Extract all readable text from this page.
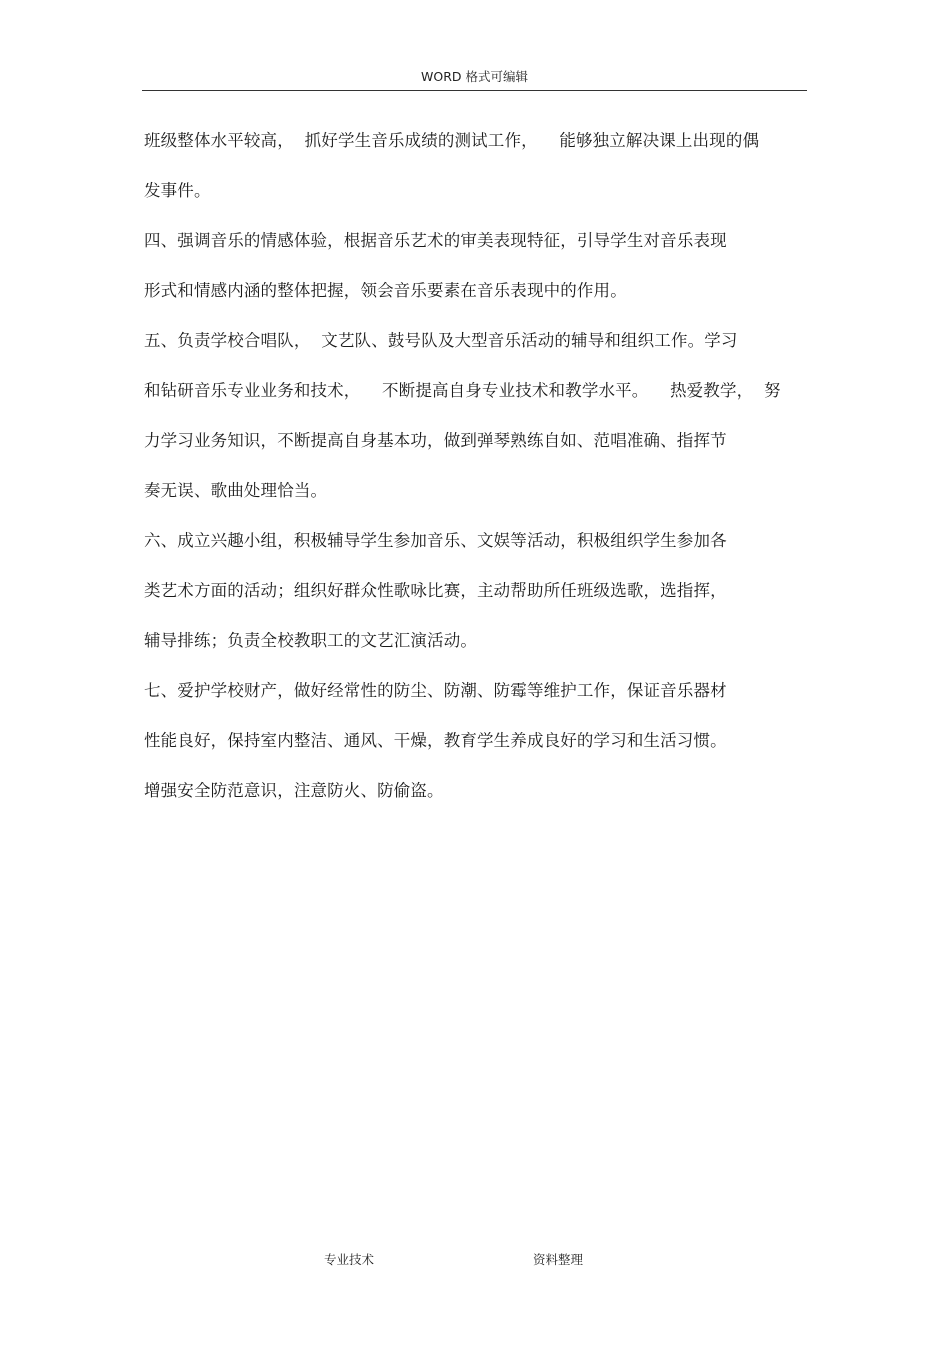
WORD 格式可编辑
班级整体水平较高，  抓好学生音乐成绩的测试工作，    能够独立解决课上出现的偶
发事件。
四、强调音乐的情感体验，根据音乐艺术的审美表现特征，引导学生对音乐表现
形式和情感内涵的整体把握，领会音乐要素在音乐表现中的作用。
五、负责学校合唱队，  文艺队、鼓号队及大型音乐活动的辅导和组织工作。学习
和钻研音乐专业业务和技术，    不断提高自身专业技术和教学水平。    热爱教学，  努
力学习业务知识，不断提高自身基本功，做到弹琴熟练自如、范唱准确、指挥节
奏无误、歌曲处理恰当。
六、成立兴趣小组，积极辅导学生参加音乐、文娱等活动，积极组织学生参加各
类艺术方面的活动；组织好群众性歌咏比赛，主动帮助所任班级选歌，选指挥，
辅导排练；负责全校教职工的文艺汇演活动。
七、爱护学校财产，做好经常性的防尘、防潮、防霉等维护工作，保证音乐器材
性能良好，保持室内整洁、通风、干燥，教育学生养成良好的学习和生活习惯。
增强安全防范意识，注意防火、防偷盗。
专业技术	资料整理
